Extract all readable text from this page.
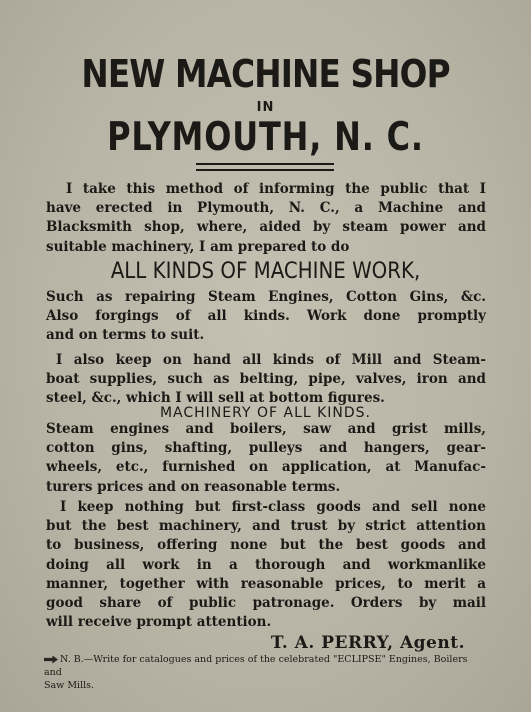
NEW MACHINE SHOP
IN
PLYMOUTH, N. C.
I take this method of informing the public that I
have erected in Plymouth, N. C., a Machine and
Blacksmith shop, where, aided by steam power and
suitable machinery, I am prepared to do
ALL KINDS OF MACHINE WORK,
Such as repairing Steam Engines, Cotton Gins, &c.
Also forgings of all kinds. Work done promptly
and on terms to suit.
I also keep on hand all kinds of Mill and Steam-
boat supplies, such as belting, pipe, valves, iron and
steel, &c., which I will sell at bottom figures.
MACHINERY OF ALL KINDS.
Steam engines and boilers, saw and grist mills,
cotton gins, shafting, pulleys and hangers, gear-
wheels, etc., furnished on application, at Manufac-
turers prices and on reasonable terms.
I keep nothing but first-class goods and sell none
but the best machinery, and trust by strict attention
to business, offering none but the best goods and
doing all work in a thorough and workmanlike
manner, together with reasonable prices, to merit a
good share of public patronage. Orders by mail
will receive prompt attention.
T. A. PERRY, Agent.
N. B.—Write for catalogues and prices of the celebrated "ECLIPSE" Engines, Boilers and
Saw Mills.
